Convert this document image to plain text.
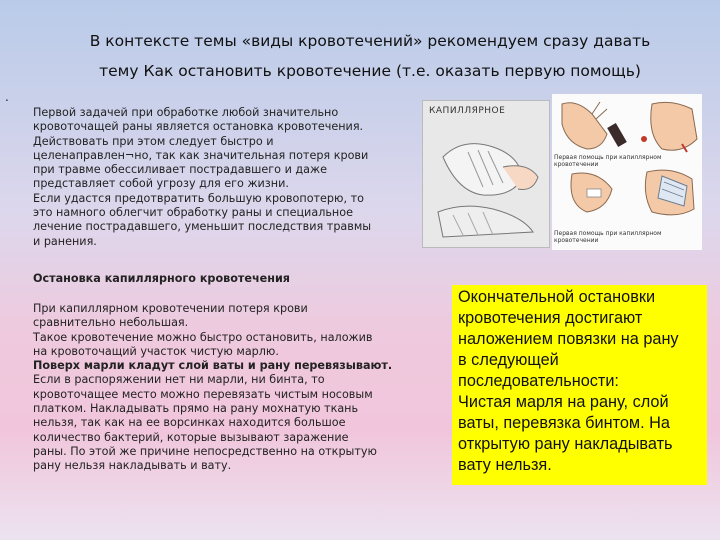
В контексте темы «виды кровотечений» рекомендуем сразу давать
тему Как остановить кровотечение (т.е. оказать первую помощь)
.
Первой задачей при обработке любой значительно
кровоточащей раны является остановка кровотечения.
Действовать при этом следует быстро и
целенаправлен¬но, так как значительная потеря крови
при травме обессиливает пострадавшего и даже
представляет собой угрозу для его жизни.
Если удастся предотвратить большую кровопотерю, то
это намного облегчит обработку раны и специальное
лечение пострадавшего, уменьшит последствия травмы
и ранения.
Остановка капиллярного кровотечения

При капиллярном кровотечении потеря крови
сравнительно небольшая.
Такое кровотечение можно быстро остановить, наложив
на кровоточащий участок чистую марлю.

Поверх марли кладут слой ваты и рану перевязывают.

Если в распоряжении нет ни марли, ни бинта, то
кровоточащее место можно перевязать чистым носовым
платком. Накладывать прямо на рану мохнатую ткань
нельзя, так как на ее ворсинках находится большое
количество бактерий, которые вызывают заражение
раны. По этой же причине непосредственно на открытую
рану нельзя накладывать и вату.

Окончательной остановки
кровотечения достигают
наложением повязки на рану
в следующей
последовательности:
Чистая марля на рану, слой
ваты, перевязка бинтом. На
открытую рану накладывать
вату нельзя.
КАПИЛЛЯРНОЕ
Первая помощь при капиллярном кровотечении
Первая помощь при капиллярном кровотечении
